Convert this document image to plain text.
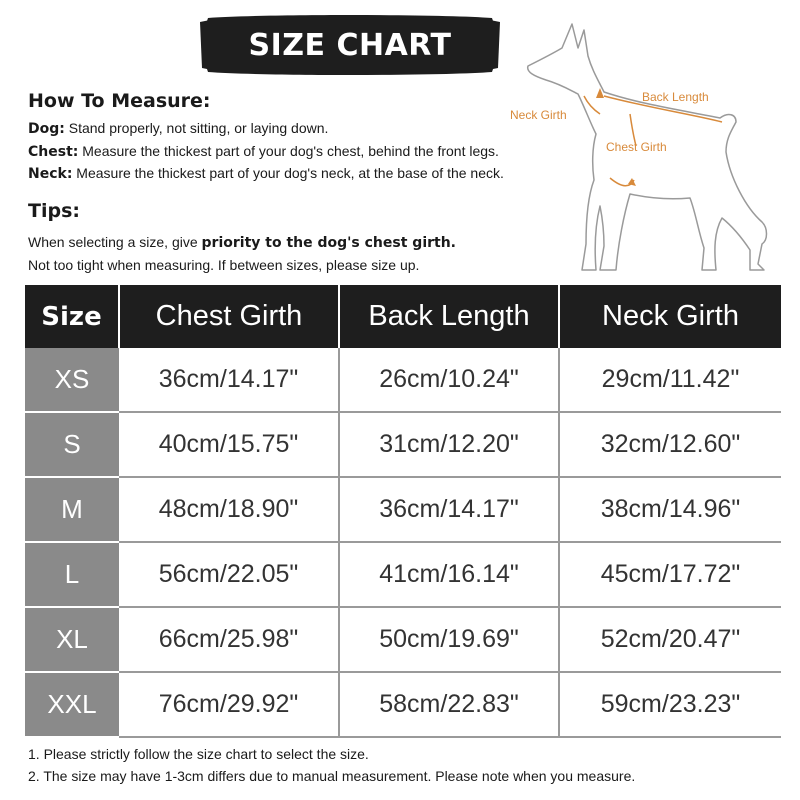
SIZE CHART
How To Measure:
Dog: Stand properly, not sitting, or laying down.
Chest: Measure the thickest part of your dog's chest, behind the front legs.
Neck: Measure the thickest part of your dog's neck, at the base of the neck.
Tips:
When selecting a size, give priority to the dog's chest girth.
Not too tight when measuring. If between sizes, please size up.
Neck Girth
Back Length
Chest Girth
Size	Chest Girth	Back Length	Neck Girth
XS	36cm/14.17"	26cm/10.24"	29cm/11.42"
S	40cm/15.75"	31cm/12.20"	32cm/12.60"
M	48cm/18.90"	36cm/14.17"	38cm/14.96"
L	56cm/22.05"	41cm/16.14"	45cm/17.72"
XL	66cm/25.98"	50cm/19.69"	52cm/20.47"
XXL	76cm/29.92"	58cm/22.83"	59cm/23.23"
1. Please strictly follow the size chart to select the size.
2. The size may have 1-3cm differs due to manual measurement. Please note when you measure.
